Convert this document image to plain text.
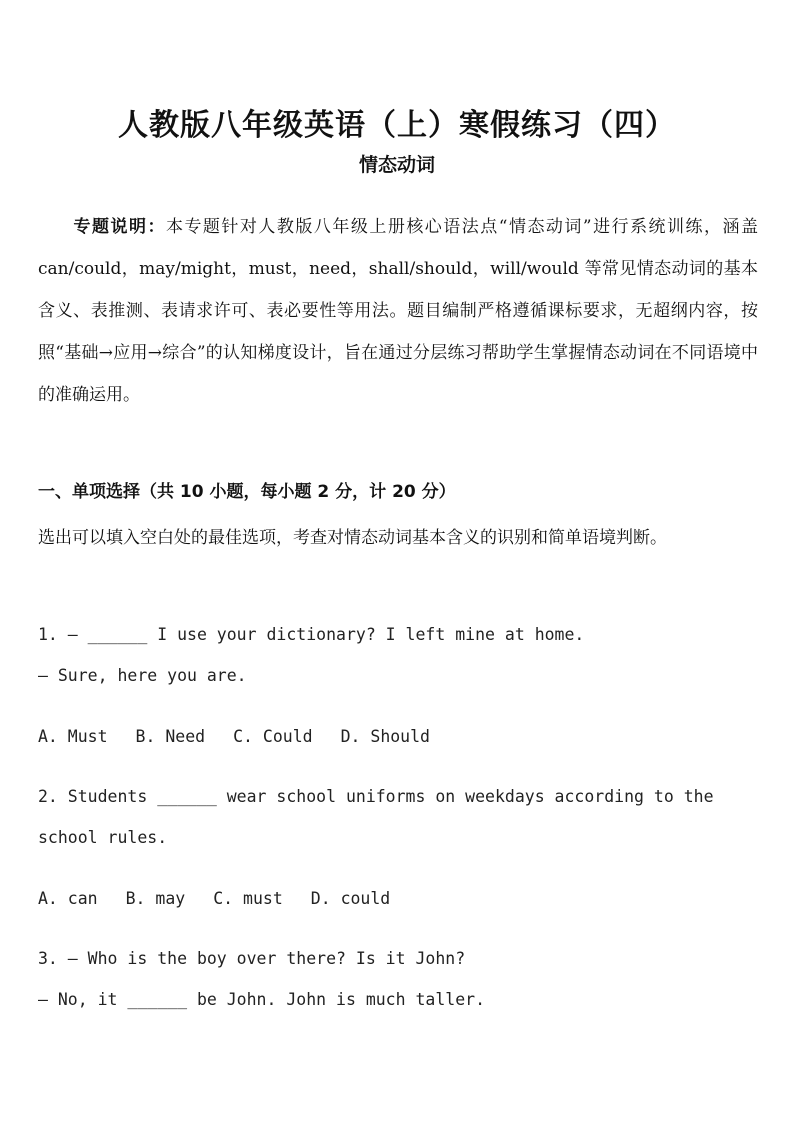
人教版八年级英语（上）寒假练习（四）
情态动词
专题说明：本专题针对人教版八年级上册核心语法点“情态动词”进行系统训练，涵盖 can/could，may/might，must，need，shall/should，will/would 等常见情态动词的基本含义、表推测、表请求许可、表必要性等用法。题目编制严格遵循课标要求，无超纲内容，按照“基础→应用→综合”的认知梯度设计，旨在通过分层练习帮助学生掌握情态动词在不同语境中的准确运用。
一、单项选择（共 10 小题，每小题 2 分，计 20 分）
选出可以填入空白处的最佳选项，考查对情态动词基本含义的识别和简单语境判断。
1. — ______ I use your dictionary? I left mine at home.
— Sure, here you are.
A. Must B. Need C. Could D. Should
2. Students ______ wear school uniforms on weekdays according to the
school rules.
A. can B. may C. must D. could
3. — Who is the boy over there? Is it John?
— No, it ______ be John. John is much taller.
